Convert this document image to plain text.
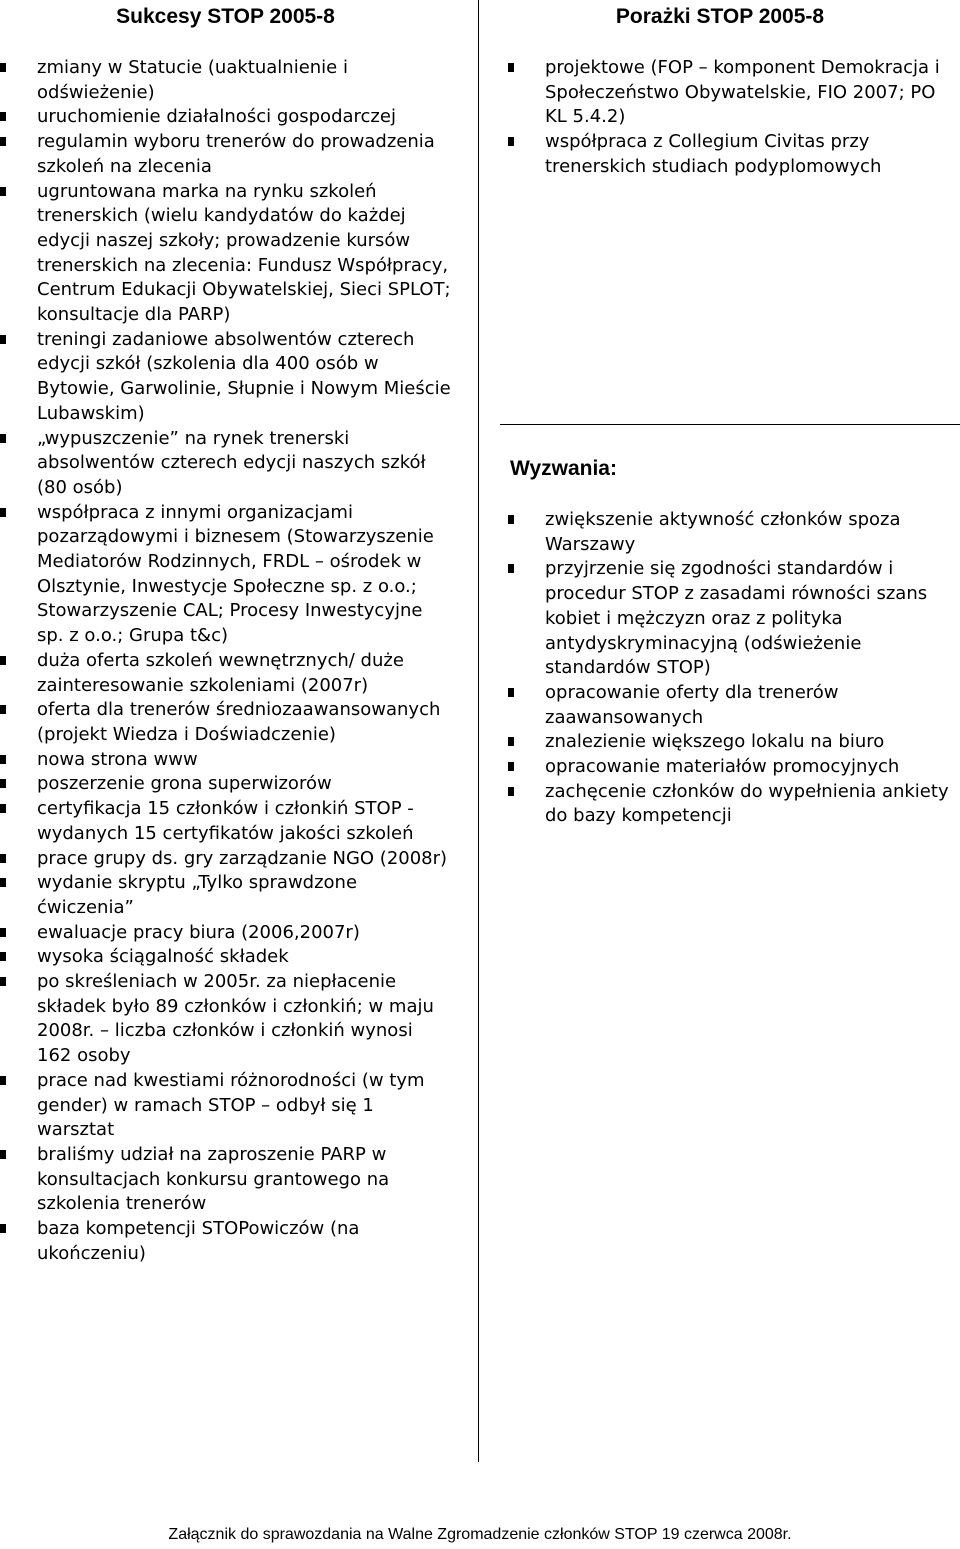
Sukcesy STOP 2005-8	Porażki STOP 2005-8
zmiany w Statucie (uaktualnienie i odświeżenie)
uruchomienie działalności gospodarczej
regulamin wyboru trenerów do prowadzenia szkoleń na zlecenia
ugruntowana marka na rynku szkoleń trenerskich (wielu kandydatów do każdej edycji naszej szkoły; prowadzenie kursów trenerskich na zlecenia: Fundusz Współpracy, Centrum Edukacji Obywatelskiej, Sieci SPLOT; konsultacje dla PARP)
treningi zadaniowe absolwentów czterech edycji szkół (szkolenia dla 400 osób w Bytowie, Garwolinie, Słupnie i Nowym Mieście Lubawskim)
„wypuszczenie” na rynek trenerski absolwentów czterech edycji naszych szkół (80 osób)
współpraca z innymi organizacjami pozarządowymi i biznesem (Stowarzyszenie Mediatorów Rodzinnych, FRDL – ośrodek w Olsztynie, Inwestycje Społeczne sp. z o.o.; Stowarzyszenie CAL; Procesy Inwestycyjne sp. z o.o.; Grupa t&c)
duża oferta szkoleń wewnętrznych/ duże zainteresowanie szkoleniami (2007r)
oferta dla trenerów średniozaawansowanych (projekt Wiedza i Doświadczenie)
nowa strona www
poszerzenie grona superwizorów
certyfikacja 15 członków i członkiń STOP -wydanych 15 certyfikatów jakości szkoleń
prace grupy ds. gry zarządzanie NGO (2008r)
wydanie skryptu „Tylko sprawdzone ćwiczenia”
ewaluacje pracy biura (2006,2007r)
wysoka ściągalność składek
po skreśleniach w 2005r. za niepłacenie składek było 89 członków i członkiń; w maju 2008r. – liczba członków i członkiń wynosi 162 osoby
prace nad kwestiami różnorodności (w tym gender) w ramach STOP – odbył się 1 warsztat
braliśmy udział na zaproszenie PARP w konsultacjach konkursu grantowego na szkolenia trenerów
baza kompetencji STOPowiczów (na ukończeniu)
projektowe (FOP – komponent Demokracja i Społeczeństwo Obywatelskie, FIO 2007; PO KL 5.4.2)
współpraca z Collegium Civitas przy trenerskich studiach podyplomowych
Wyzwania:
zwiększenie aktywność członków spoza Warszawy
przyjrzenie się zgodności standardów i procedur STOP z zasadami równości szans kobiet i mężczyzn oraz z polityka antydyskryminacyjną (odświeżenie standardów STOP)
opracowanie oferty dla trenerów zaawansowanych
znalezienie większego lokalu na biuro
opracowanie materiałów promocyjnych
zachęcenie członków do wypełnienia ankiety do bazy kompetencji

Załącznik do sprawozdania na Walne Zgromadzenie członków STOP 19 czerwca 2008r.
